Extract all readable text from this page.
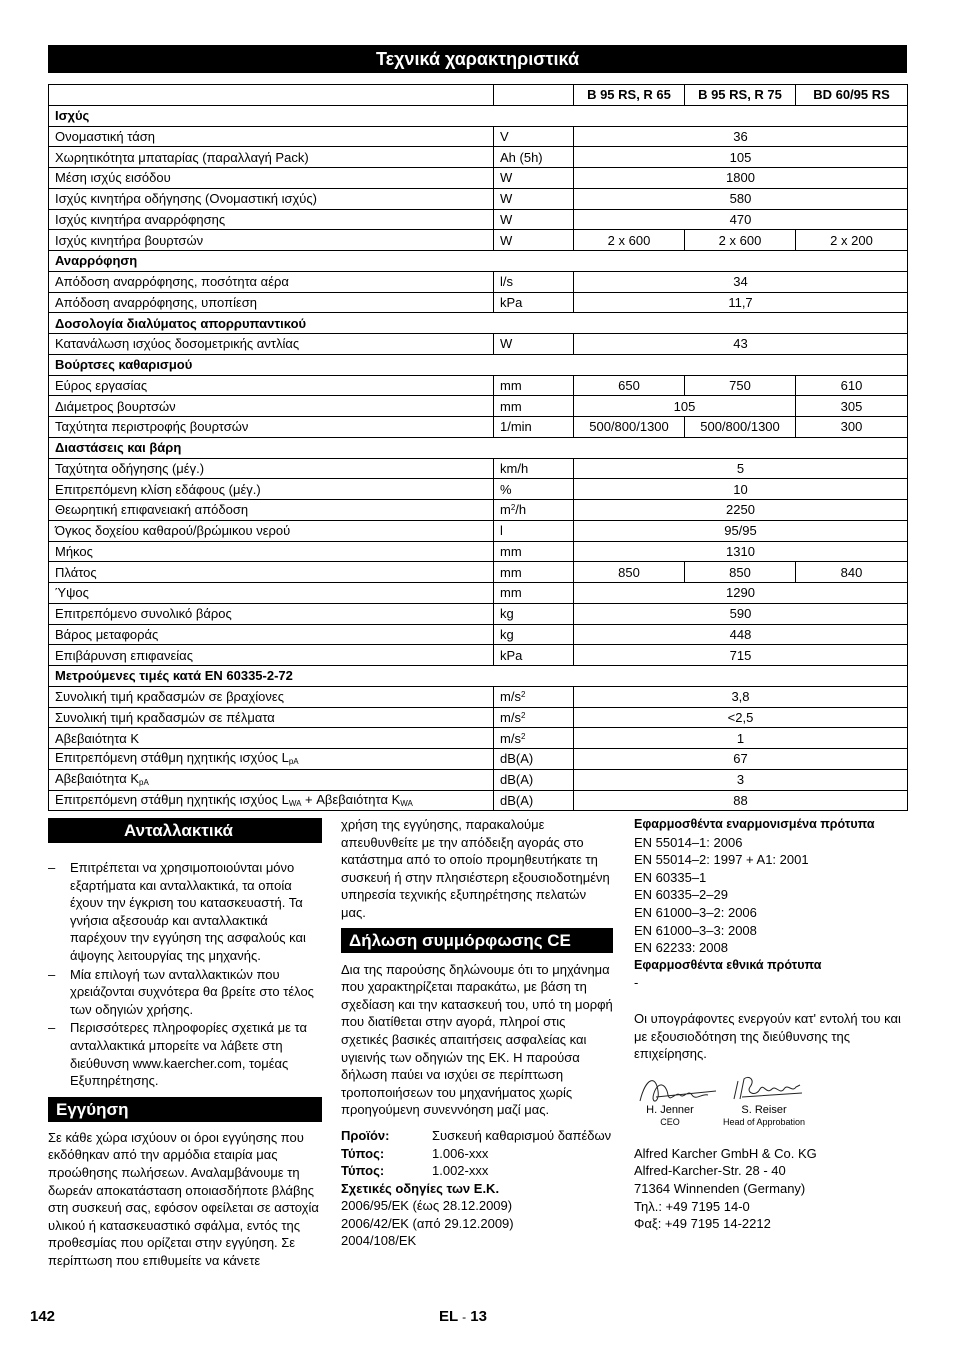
Τεχνικά χαρακτηριστικά
		B 95 RS, R 65	B 95 RS, R 75	BD 60/95 RS
Ισχύς				
Ονομαστική τάση	V	36		
Χωρητικότητα μπαταρίας (παραλλαγή Pack)	Ah (5h)	105		
Μέση ισχύς εισόδου	W	1800		
Ισχύς κινητήρα οδήγησης (Ονομαστική ισχύς)	W	580		
Ισχύς κινητήρα αναρρόφησης	W	470		
Ισχύς κινητήρα βουρτσών	W	2 x 600	2 x 600	2 x 200
Αναρρόφηση				
Απόδοση αναρρόφησης, ποσότητα αέρα	l/s	34		
Απόδοση αναρρόφησης, υποπίεση	kPa	11,7		
Δοσολογία διαλύματος απορρυπαντικού				
Κατανάλωση ισχύος δοσομετρικής αντλίας	W	43		
Βούρτσες καθαρισμού				
Εύρος εργασίας	mm	650	750	610
Διάμετρος βουρτσών	mm	105		305
Ταχύτητα περιστροφής βουρτσών	1/min	500/800/1300	500/800/1300	300
Διαστάσεις και βάρη				
Ταχύτητα οδήγησης (μέγ.)	km/h	5		
Επιτρεπόμενη κλίση εδάφους (μέγ.)	%	10		
Θεωρητική επιφανειακή απόδοση	$m^2/h$	2250		
Όγκος δοχείου καθαρού/βρώμικου νερού	l	95/95		
Μήκος	mm	1310		
Πλάτος	mm	850	850	840
Ύψος	mm	1290		
Επιτρεπόμενο συνολικό βάρος	kg	590		
Βάρος μεταφοράς	kg	448		
Επιβάρυνση επιφανείας	kPa	715		
Μετρούμενες τιμές κατά EN 60335-2-72				
Συνολική τιμή κραδασμών σε βραχίονες	$m/s^2$	3,8		
Συνολική τιμή κραδασμών σε πέλματα	$m/s^2$	<2,5		
Αβεβαιότητα K	$m/s^2$	1		
Επιτρεπόμενη στάθμη ηχητικής ισχύος $L_{pA}$	dB(A)	67		
Αβεβαιότητα $K_{pA}$	dB(A)	3		
Επιτρεπόμενη στάθμη ηχητικής ισχύος $L_{WA} + A\beta\varepsilon\beta\alpha\iota ό\tau\eta\tau\alpha$ $K_{WA}$	dB(A)	88		
Ανταλλακτικά
– Επιτρέπεται να χρησιμοποιούνται μόνο εξαρτήματα και ανταλλακτικά, τα οποία έχουν την έγκριση του κατασκευαστή. Τα γνήσια αξεσουάρ και ανταλλακτικά παρέχουν την εγγύηση της ασφαλούς και άψογης λειτουργίας της μηχανής.
– Μία επιλογή των ανταλλακτικών που χρειάζονται συχνότερα θα βρείτε στο τέλος των οδηγιών χρήσης.
– Περισσότερες πληροφορίες σχετικά με τα ανταλλακτικά μπορείτε να λάβετε στη διεύθυνση www.kaercher.com, τομέας Εξυπηρέτησης.
Εγγύηση
Σε κάθε χώρα ισχύουν οι όροι εγγύησης που εκδόθηκαν από την αρμόδια εταιρία μας προώθησης πωλήσεων. Αναλαμβάνουμε τη δωρεάν αποκατάσταση οποιασδήποτε βλάβης στη συσκευή σας, εφόσον οφείλεται σε αστοχία υλικού ή κατασκευαστικό σφάλμα, εντός της προθεσμίας που ορίζεται στην εγγύηση. Σε περίπτωση που επιθυμείτε να κάνετε
χρήση της εγγύησης, παρακαλούμε απευθυνθείτε με την απόδειξη αγοράς στο κατάστημα από το οποίο προμηθευτήκατε τη συσκευή ή στην πλησιέστερη εξουσιοδοτημένη υπηρεσία τεχνικής εξυπηρέτησης πελατών μας.
Δήλωση συμμόρφωσης CE
Δια της παρούσης δηλώνουμε ότι το μηχάνημα που χαρακτηρίζεται παρακάτω, με βάση τη σχεδίαση και την κατασκευή του, υπό τη μορφή που διατίθεται στην αγορά, πληροί στις σχετικές βασικές απαιτήσεις ασφαλείας και υγιεινής των οδηγιών της ΕΚ. Η παρούσα δήλωση παύει να ισχύει σε περίπτωση τροποποιήσεων του μηχανήματος χωρίς προηγούμενη συνεννόηση μαζί μας.
Προϊόν:	Συσκευή καθαρισμού δαπέδων
Τύπος:	1.006-xxx
Τύπος:	1.002-xxx
Σχετικές οδηγίες των Ε.Κ.
2006/95/ΕΚ (έως 28.12.2009)
2006/42/ΕΚ (από 29.12.2009)
2004/108/ΕΚ
Εφαρμοσθέντα εναρμονισμένα πρότυπα
EN 55014–1: 2006
EN 55014–2: 1997 + A1: 2001
EN 60335–1
EN 60335–2–29
EN 61000–3–2: 2006
EN 61000–3–3: 2008
EN 62233: 2008
Εφαρμοσθέντα εθνικά πρότυπα
-
Οι υπογράφοντες ενεργούν κατ' εντολή του και με εξουσιοδότηση της διεύθυνσης της επιχείρησης.
H. Jenner
CEO
S. Reiser
Head of Approbation
Alfred Karcher GmbH & Co. KG
Alfred-Karcher-Str. 28 - 40
71364 Winnenden (Germany)
Τηλ.: +49 7195 14-0
Φαξ: +49 7195 14-2212
142	EL - 13
